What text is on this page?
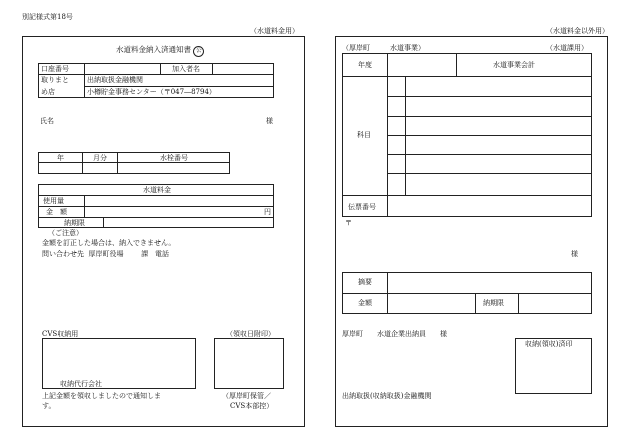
別記様式第18号
（水道料金用）
水道料金納入済通知書 公
口座番号	加入者名
取りまと
め店
出納取扱金融機関
小樽貯金事務センター（〒047―8794）
氏名	様
年	月分	水栓番号
水道料金
使用量
金　額	円
納期限
（ご注意）
金額を訂正した場合は、納入できません。
問い合わせ先 厚岸町役場	課 電話
CVS収納用
収納代行会社
上記金額を領収しましたので通知しま
す。
（領収日附印）
（厚岸町保管／
CVS本部控）
（水道料金以外用）
（厚岸町	水道事業）	（水道課用）
年度	水道事業会計
科目
伝票番号
〒
様
摘要
金額	納期限
厚岸町　　水道企業出納員　　様
収納(領収)済印
出納取扱(収納取扱)金融機関
